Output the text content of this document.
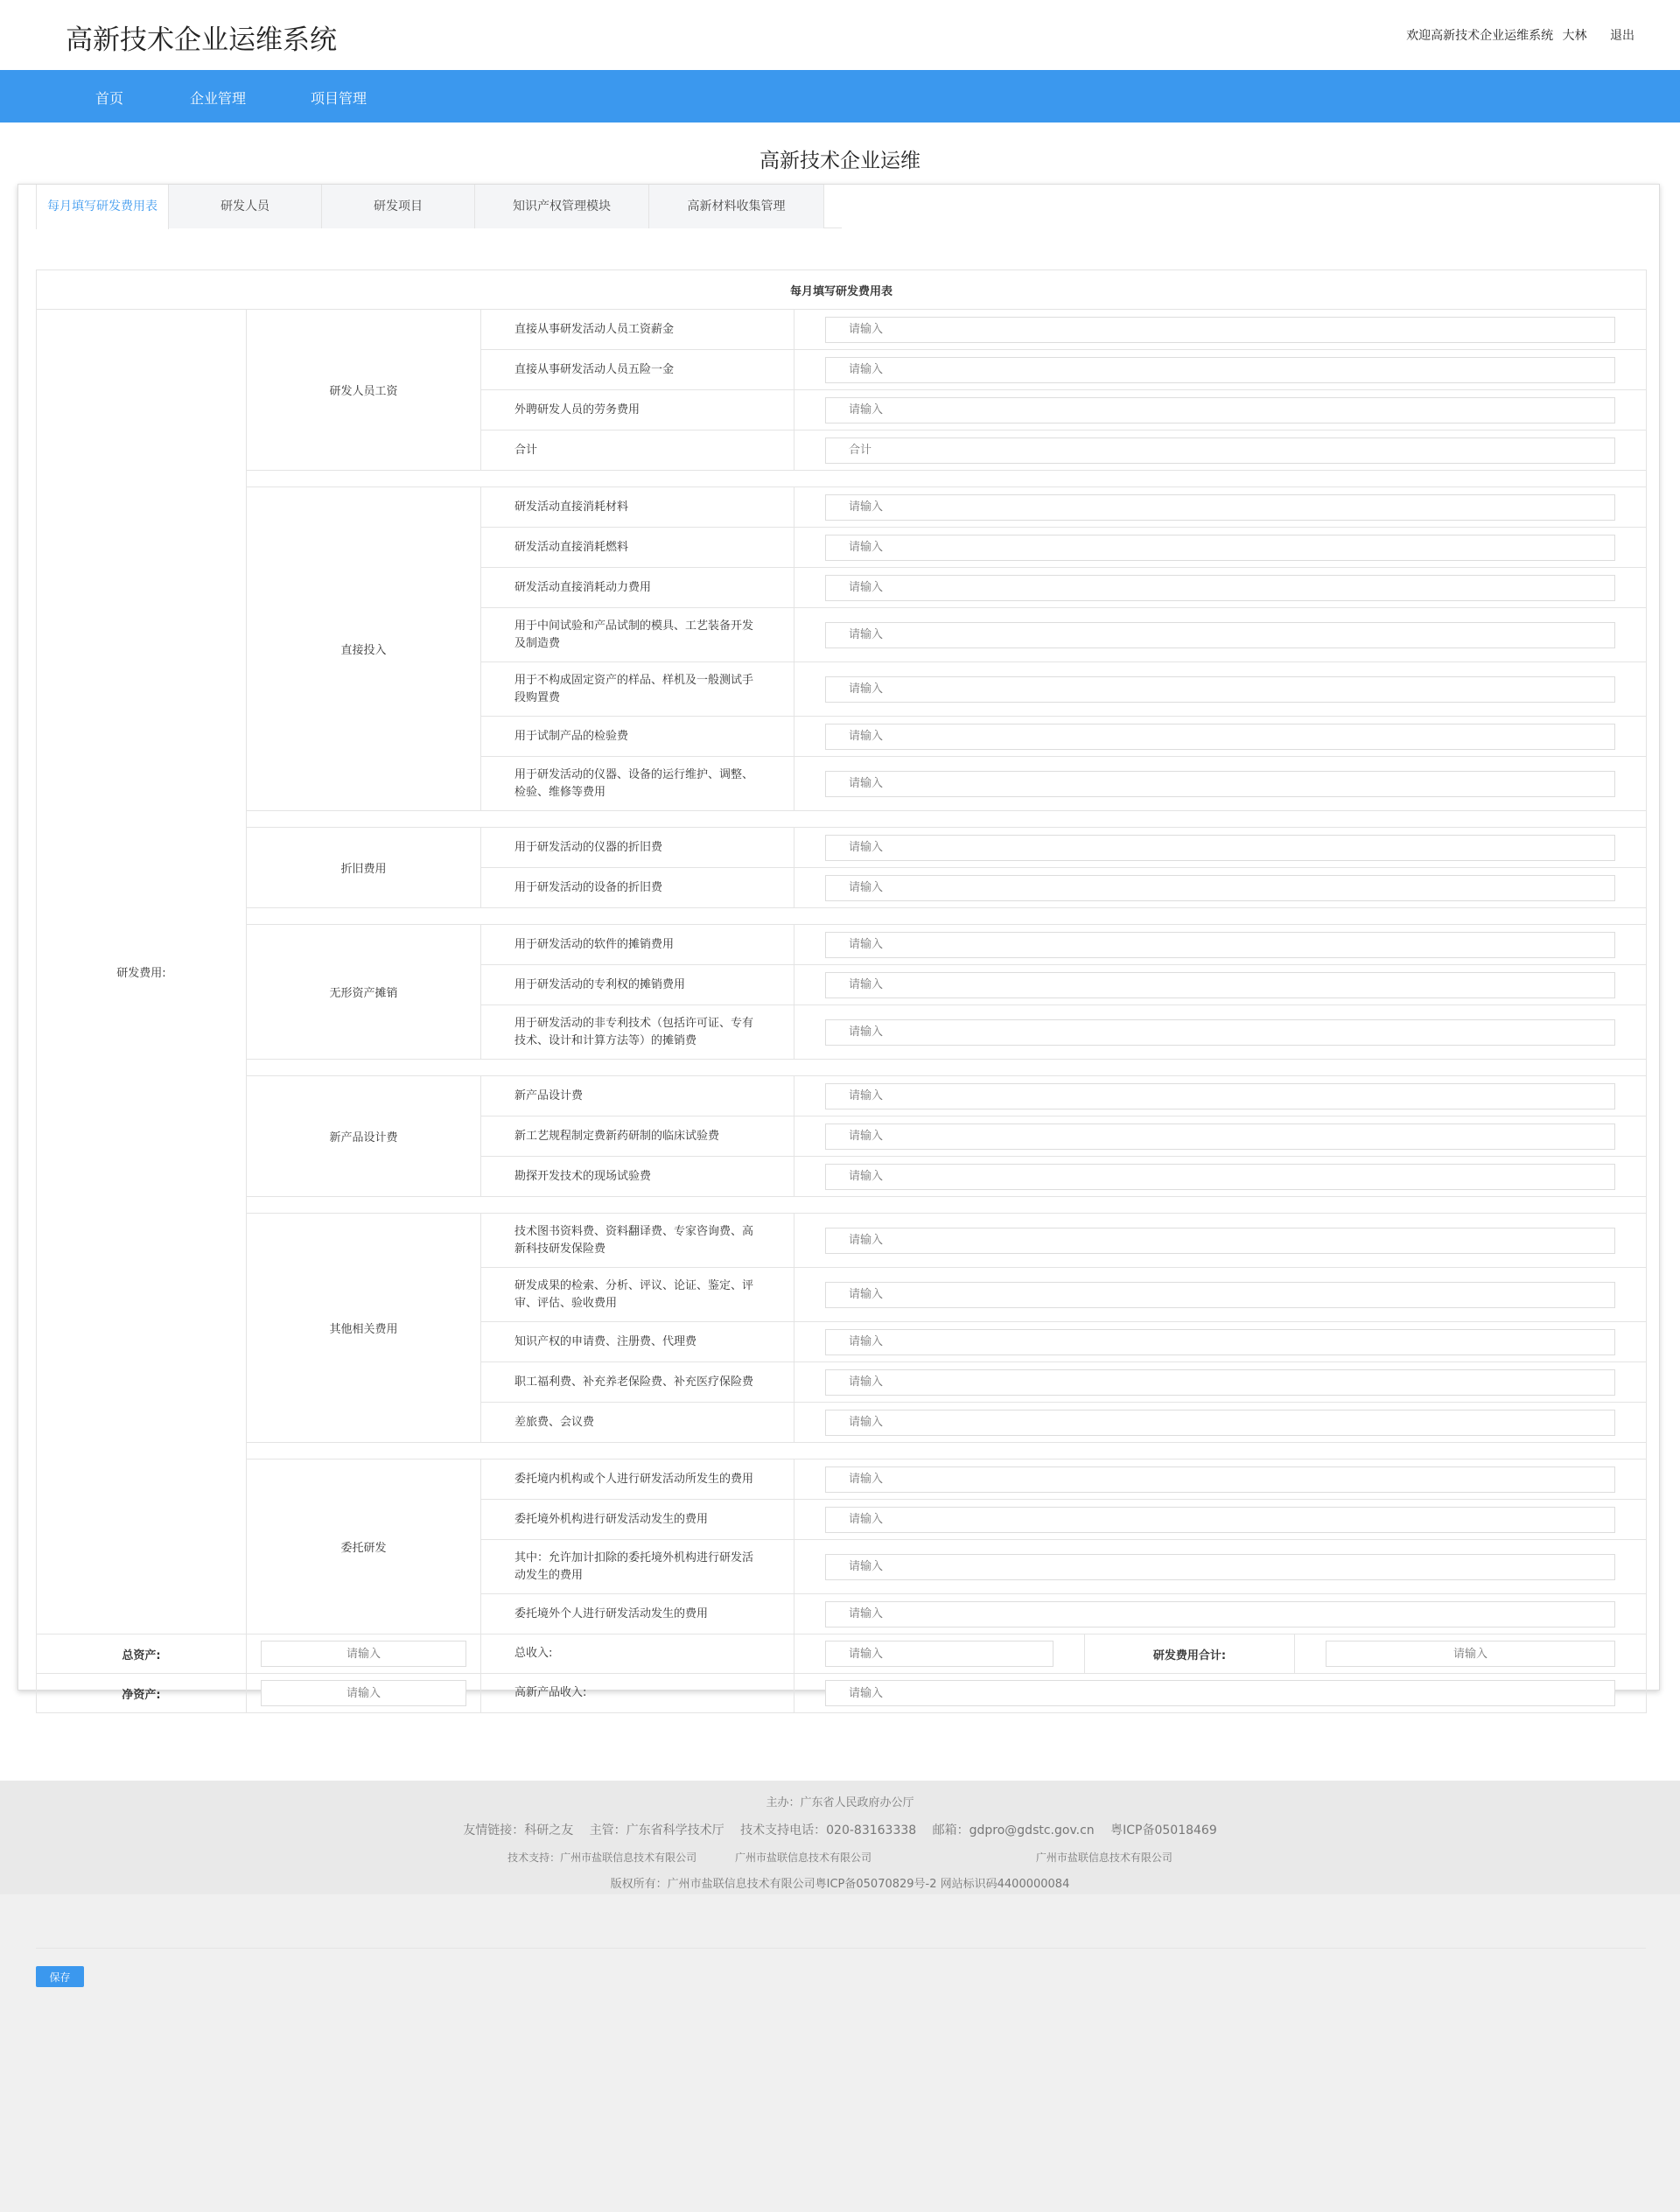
高新技术企业运维系统	欢迎高新技术企业运维系统 大林 退出
首页	企业管理	项目管理
高新技术企业运维
每月填写研发费用表	研发人员	研发项目	知识产权管理模块	高新材料收集管理
每月填写研发费用表					
研发费用:	研发人员工资	直接从事研发活动人员工资薪金	请输入
		直接从事研发活动人员五险一金	请输入
		外聘研发人员的劳务费用	请输入
		合计	合计

	直接投入	研发活动直接消耗材料	请输入
		研发活动直接消耗燃料	请输入
		研发活动直接消耗动力费用	请输入
		用于中间试验和产品试制的模具、工艺装备开发及制造费	请输入
		用于不构成固定资产的样品、样机及一般测试手段购置费	请输入
		用于试制产品的检验费	请输入
		用于研发活动的仪器、设备的运行维护、调整、检验、维修等费用	请输入

	折旧费用	用于研发活动的仪器的折旧费	请输入
		用于研发活动的设备的折旧费	请输入

	无形资产摊销	用于研发活动的软件的摊销费用	请输入
		用于研发活动的专利权的摊销费用	请输入
		用于研发活动的非专利技术（包括许可证、专有技术、设计和计算方法等）的摊销费	请输入

	新产品设计费	新产品设计费	请输入
		新工艺规程制定费新药研制的临床试验费	请输入
		勘探开发技术的现场试验费	请输入

	其他相关费用	技术图书资料费、资料翻译费、专家咨询费、高新科技研发保险费	请输入
		研发成果的检索、分析、评议、论证、鉴定、评审、评估、验收费用	请输入
		知识产权的申请费、注册费、代理费	请输入
		职工福利费、补充养老保险费、补充医疗保险费	请输入
		差旅费、会议费	请输入

	委托研发	委托境内机构或个人进行研发活动所发生的费用	请输入
		委托境外机构进行研发活动发生的费用	请输入
		其中：允许加计扣除的委托境外机构进行研发活动发生的费用	请输入
		委托境外个人进行研发活动发生的费用	请输入
总资产:	请输入	总收入:	请输入	研发费用合计:	请输入
净资产:	请输入	高新产品收入:	请输入
保存
主办：广东省人民政府办公厅
友情链接：科研之友 主管：广东省科学技术厅 技术支持电话：020-83163338 邮箱：gdpro@gdstc.gov.cn 粤ICP备05018469
技术支持：广州市盐联信息技术有限公司	广州市盐联信息技术有限公司	广州市盐联信息技术有限公司
版权所有：广州市盐联信息技术有限公司粤ICP备05070829号-2 网站标识码4400000084
